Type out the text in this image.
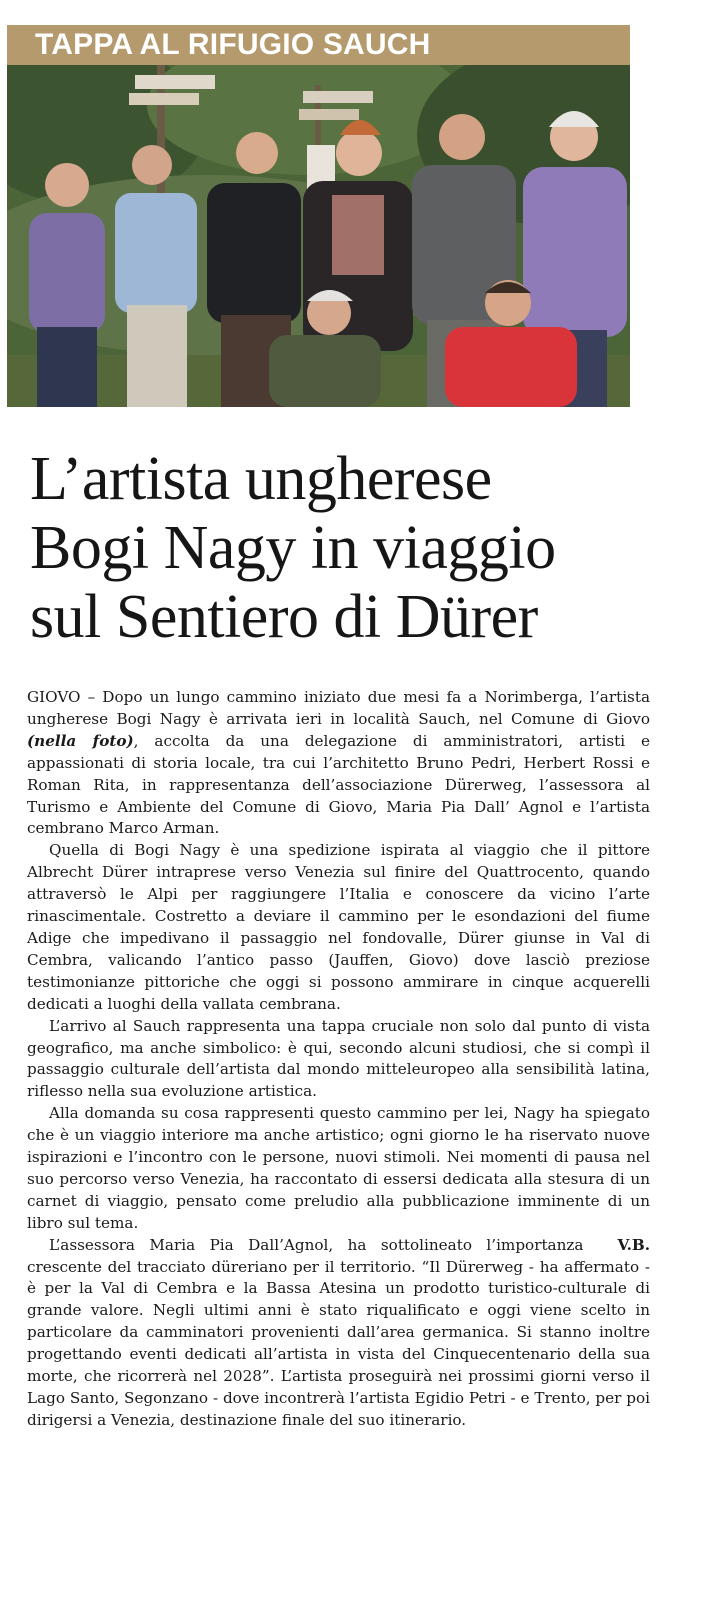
TAPPA AL RIFUGIO SAUCH
L’artista ungherese
Bogi Nagy in viaggio
sul Sentiero di Dürer

GIOVO – Dopo un lungo cammino iniziato due mesi fa a Norimberga, l’artista ungherese Bogi Nagy è arrivata ieri in località Sauch, nel Comune di Giovo (nella foto), accolta da una delegazione di amministratori, artisti e appassionati di storia locale, tra cui l’architetto Bruno Pedri, Herbert Rossi e Roman Rita, in rappresentanza dell’associazione Dürerweg, l’assessora al Turismo e Ambiente del Comune di Giovo, Maria Pia Dall’ Agnol e l’artista cembrano Marco Arman.

Quella di Bogi Nagy è una spedizione ispirata al viaggio che il pittore Albrecht Dürer intraprese verso Venezia sul finire del Quattrocento, quando attraversò le Alpi per raggiungere l’Italia e conoscere da vicino l’arte rinascimentale. Costretto a deviare il cammino per le esondazioni del fiume Adige che impedivano il passaggio nel fondovalle, Dürer giunse in Val di Cembra, valicando l’antico passo (Jauffen, Giovo) dove lasciò preziose testimonianze pittoriche che oggi si possono ammirare in cinque acquerelli dedicati a luoghi della vallata cembrana.

L’arrivo al Sauch rappresenta una tappa cruciale non solo dal punto di vista geografico, ma anche simbolico: è qui, secondo alcuni studiosi, che si compì il passaggio culturale dell’artista dal mondo mitteleuropeo alla sensibilità latina, riflesso nella sua evoluzione artistica.

Alla domanda su cosa rappresenti questo cammino per lei, Nagy ha spiegato che è un viaggio interiore ma anche artistico; ogni giorno le ha riservato nuove ispirazioni e l’incontro con le persone, nuovi stimoli. Nei momenti di pausa nel suo percorso verso Venezia, ha raccontato di essersi dedicata alla stesura di un carnet di viaggio, pensato come preludio alla pubblicazione imminente di un libro sul tema.

V.B.
L’assessora Maria Pia Dall’Agnol, ha sottolineato l’importanza crescente del tracciato düreriano per il territorio. “Il Dürerweg - ha affermato - è per la Val di Cembra e la Bassa Atesina un prodotto turistico-culturale di grande valore. Negli ultimi anni è stato riqualificato e oggi viene scelto in particolare da camminatori provenienti dall’area germanica. Si stanno inoltre progettando eventi dedicati all’artista in vista del Cinquecentenario della sua morte, che ricorrerà nel 2028”. L’artista proseguirà nei prossimi giorni verso il Lago Santo, Segonzano - dove incontrerà l’artista Egidio Petri - e Trento, per poi dirigersi a Venezia, destinazione finale del suo itinerario.
